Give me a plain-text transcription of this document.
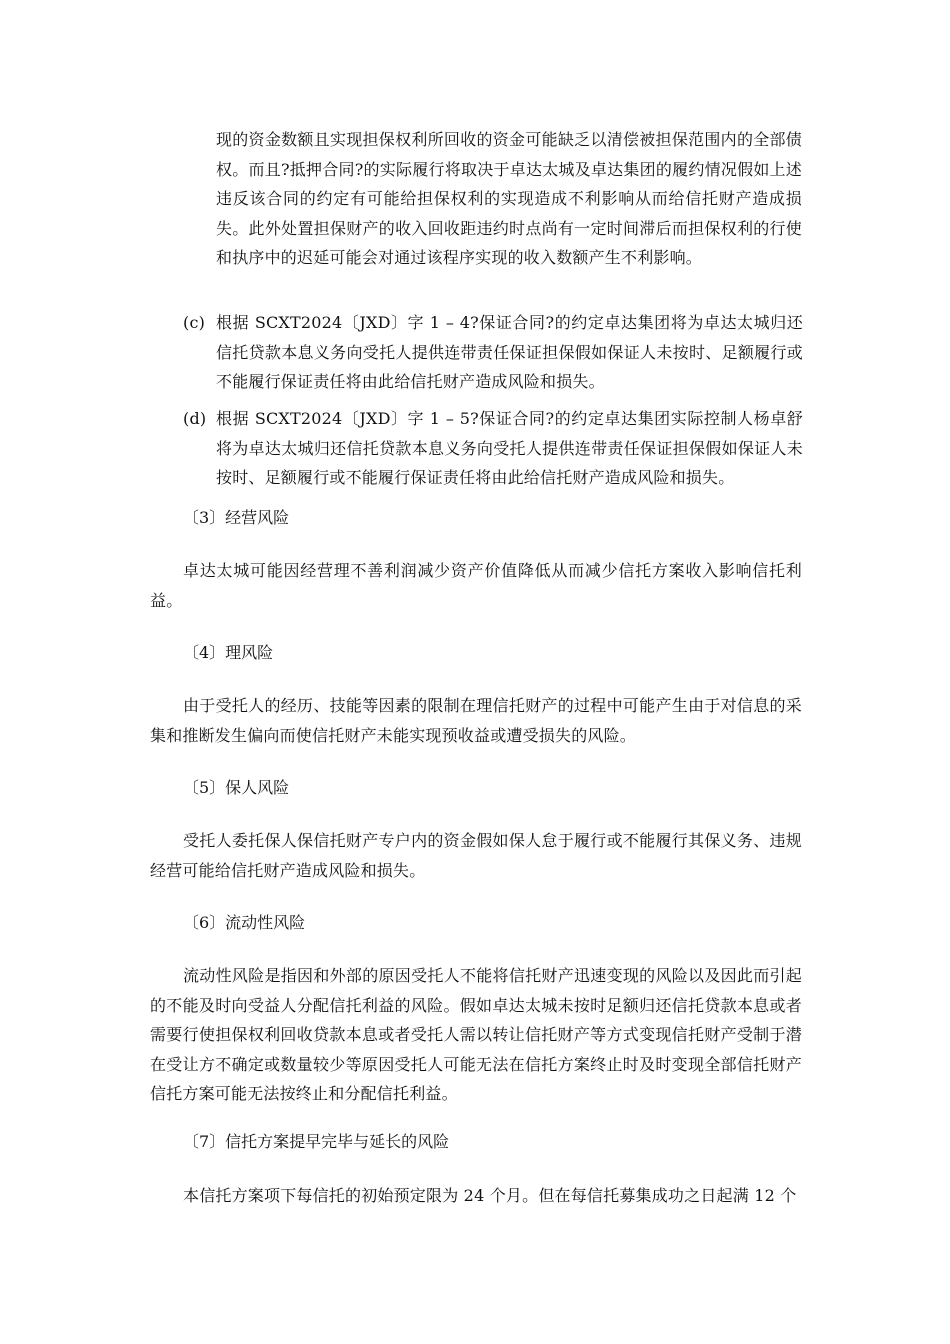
现的资金数额且实现担保权利所回收的资金可能缺乏以清偿被担保范围内的全部债权。而且?抵押合同?的实际履行将取决于卓达太城及卓达集团的履约情况假如上述违反该合同的约定有可能给担保权利的实现造成不利影响从而给信托财产造成损失。此外处置担保财产的收入回收距违约时点尚有一定时间滞后而担保权利的行使和执序中的迟延可能会对通过该程序实现的收入数额产生不利影响。
(c) 根据 SCXT2024〔JXD〕字 1 – 4?保证合同?的约定卓达集团将为卓达太城归还信托贷款本息义务向受托人提供连带责任保证担保假如保证人未按时、足额履行或不能履行保证责任将由此给信托财产造成风险和损失。
(d) 根据 SCXT2024〔JXD〕字 1 – 5?保证合同?的约定卓达集团实际控制人杨卓舒将为卓达太城归还信托贷款本息义务向受托人提供连带责任保证担保假如保证人未按时、足额履行或不能履行保证责任将由此给信托财产造成风险和损失。
〔3〕经营风险
卓达太城可能因经营理不善利润减少资产价值降低从而减少信托方案收入影响信托利益。
〔4〕理风险
由于受托人的经历、技能等因素的限制在理信托财产的过程中可能产生由于对信息的采集和推断发生偏向而使信托财产未能实现预收益或遭受损失的风险。
〔5〕保人风险
受托人委托保人保信托财产专户内的资金假如保人怠于履行或不能履行其保义务、违规经营可能给信托财产造成风险和损失。
〔6〕流动性风险
流动性风险是指因和外部的原因受托人不能将信托财产迅速变现的风险以及因此而引起的不能及时向受益人分配信托利益的风险。假如卓达太城未按时足额归还信托贷款本息或者需要行使担保权利回收贷款本息或者受托人需以转让信托财产等方式变现信托财产受制于潜在受让方不确定或数量较少等原因受托人可能无法在信托方案终止时及时变现全部信托财产信托方案可能无法按终止和分配信托利益。
〔7〕信托方案提早完毕与延长的风险
本信托方案项下每信托的初始预定限为 24 个月。但在每信托募集成功之日起满 12 个
